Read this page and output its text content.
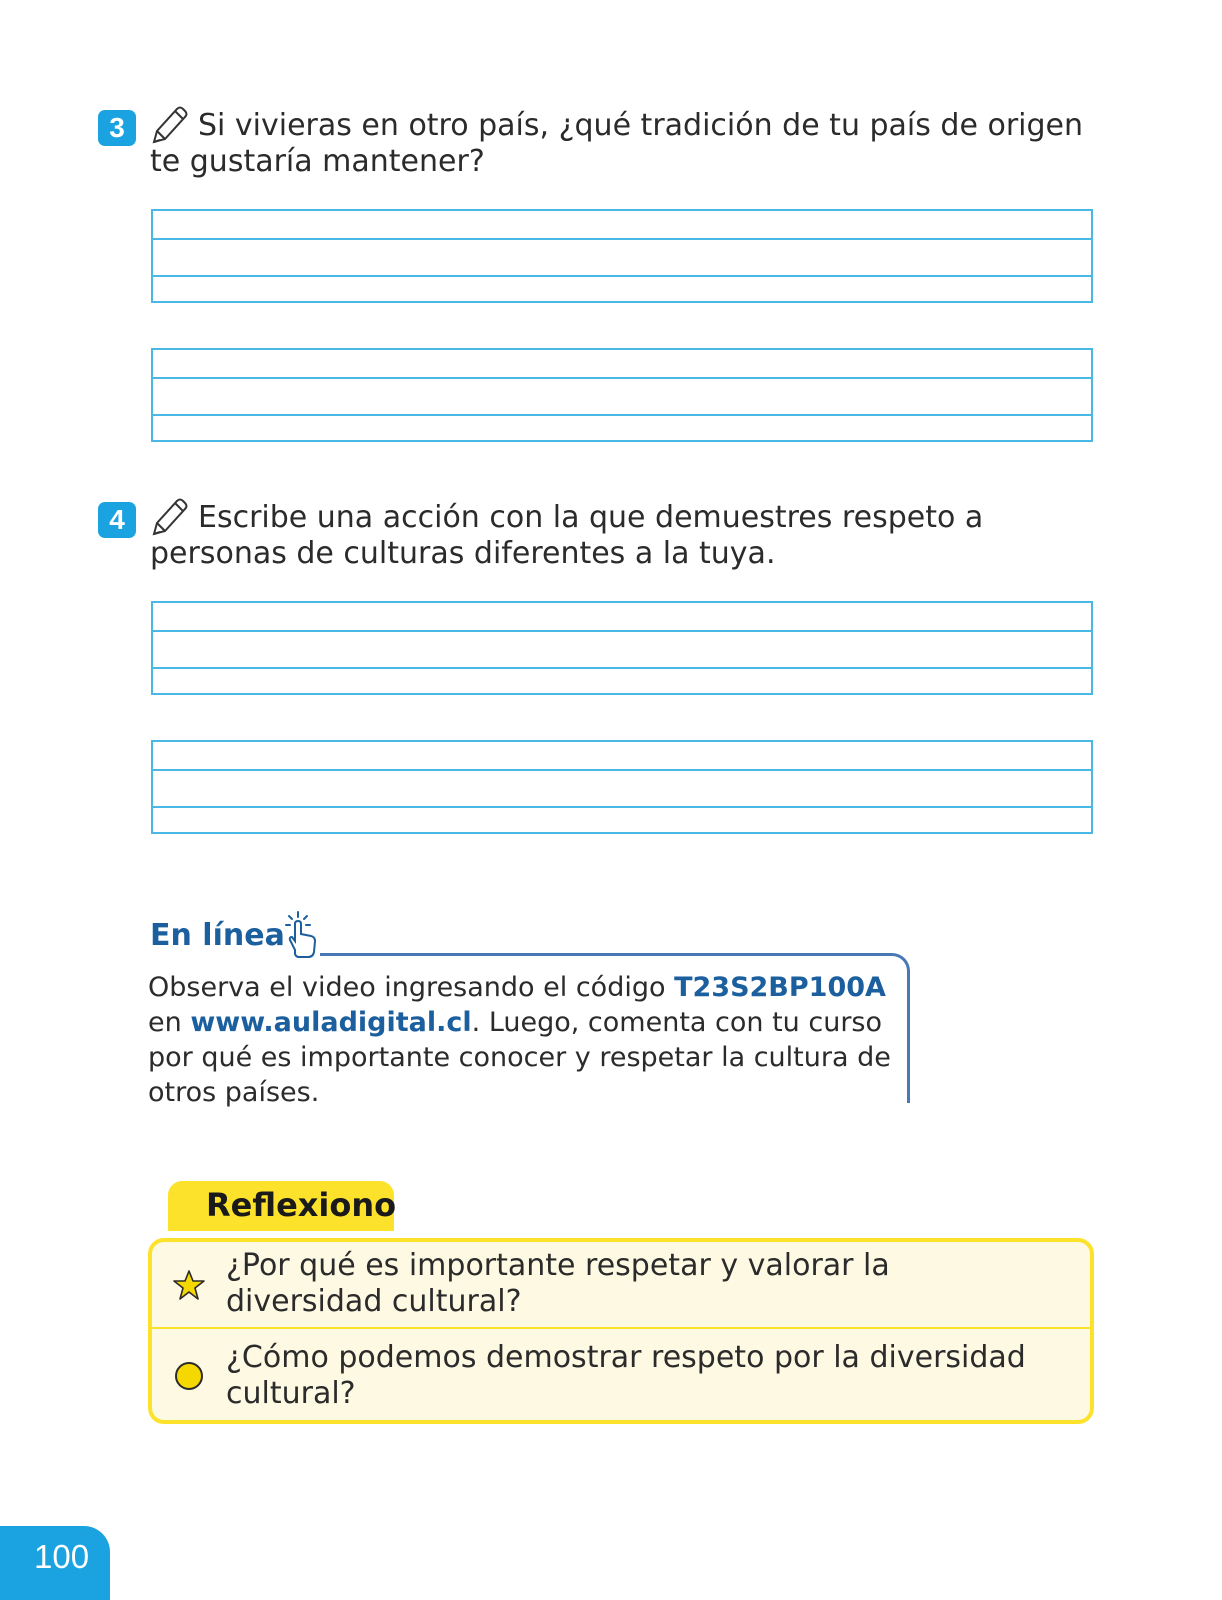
3	Si vivieras en otro país, ¿qué tradición de tu país de origen te gustaría mantener?
4	Escribe una acción con la que demuestres respeto a personas de culturas diferentes a la tuya.
En línea
Observa el video ingresando el código T23S2BP100A
en www.auladigital.cl. Luego, comenta con tu curso por qué es importante conocer y respetar la cultura de otros países.
Reflexiono
¿Por qué es importante respetar y valorar la diversidad cultural?
¿Cómo podemos demostrar respeto por la diversidad cultural?
100
